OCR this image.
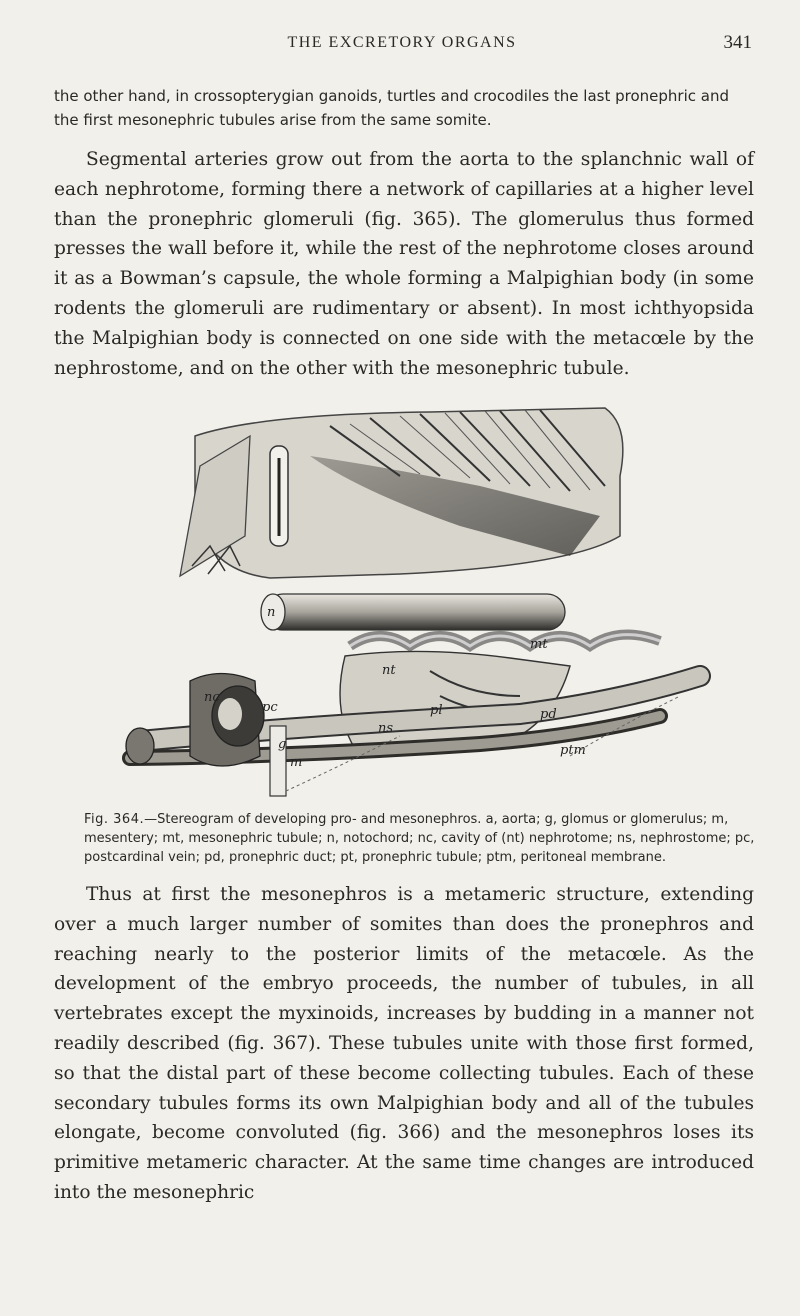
THE EXCRETORY ORGANS	341

the other hand, in crossopterygian ganoids, turtles and crocodiles the last pronephric and the first mesonephric tubules arise from the same somite.

Segmental arteries grow out from the aorta to the splanchnic wall of each nephrotome, forming there a network of capillaries at a higher level than the pronephric glomeruli (fig. 365). The glomerulus thus formed presses the wall before it, while the rest of the nephrotome closes around it as a Bowman’s capsule, the whole forming a Malpighian body (in some rodents the glomeruli are rudimentary or absent). In most ichthyopsida the Malpighian body is connected on one side with the metacœle by the nephrostome, and on the other with the mesonephric tubule.

n
nt
mt
nc
pc
ns
pl	pd
ptm
g
m

Fig. 364.—Stereogram of developing pro- and mesonephros. a, aorta; g, glomus or glomerulus; m, mesentery; mt, mesonephric tubule; n, notochord; nc, cavity of (nt) nephrotome; ns, nephrostome; pc, postcardinal vein; pd, pronephric duct; pt, pronephric tubule; ptm, peritoneal membrane.

Thus at first the mesonephros is a metameric structure, extending over a much larger number of somites than does the pronephros and reaching nearly to the posterior limits of the metacœle. As the development of the embryo proceeds, the number of tubules, in all vertebrates except the myxinoids, increases by budding in a manner not readily described (fig. 367). These tubules unite with those first formed, so that the distal part of these become collecting tubules. Each of these secondary tubules forms its own Malpighian body and all of the tubules elongate, become convoluted (fig. 366) and the mesonephros loses its primitive metameric character. At the same time changes are introduced into the mesonephric
